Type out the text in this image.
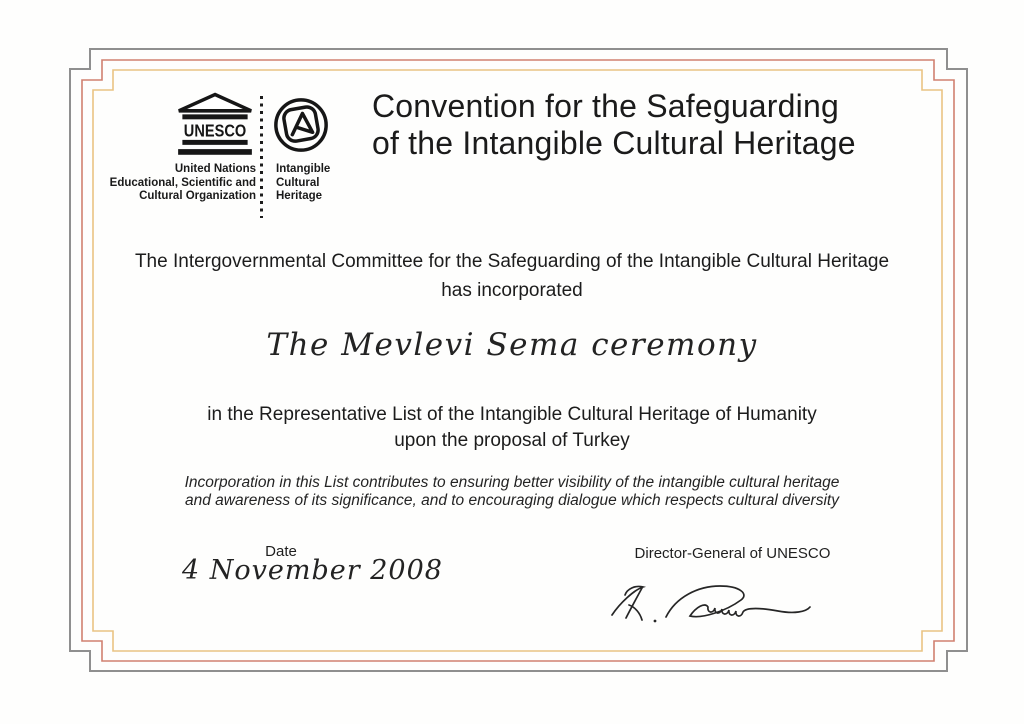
UNESCO
United Nations
Educational, Scientific and
Cultural Organization
Intangible
Cultural
Heritage
Convention for the Safeguarding
of the Intangible Cultural Heritage
The Intergovernmental Committee for the Safeguarding of the Intangible Cultural Heritage
has incorporated
The Mevlevi Sema ceremony
in the Representative List of the Intangible Cultural Heritage of Humanity
upon the proposal of Turkey
Incorporation in this List contributes to ensuring better visibility of the intangible cultural heritage
and awareness of its significance, and to encouraging dialogue which respects cultural diversity
Date
4 November 2008
Director-General of UNESCO
